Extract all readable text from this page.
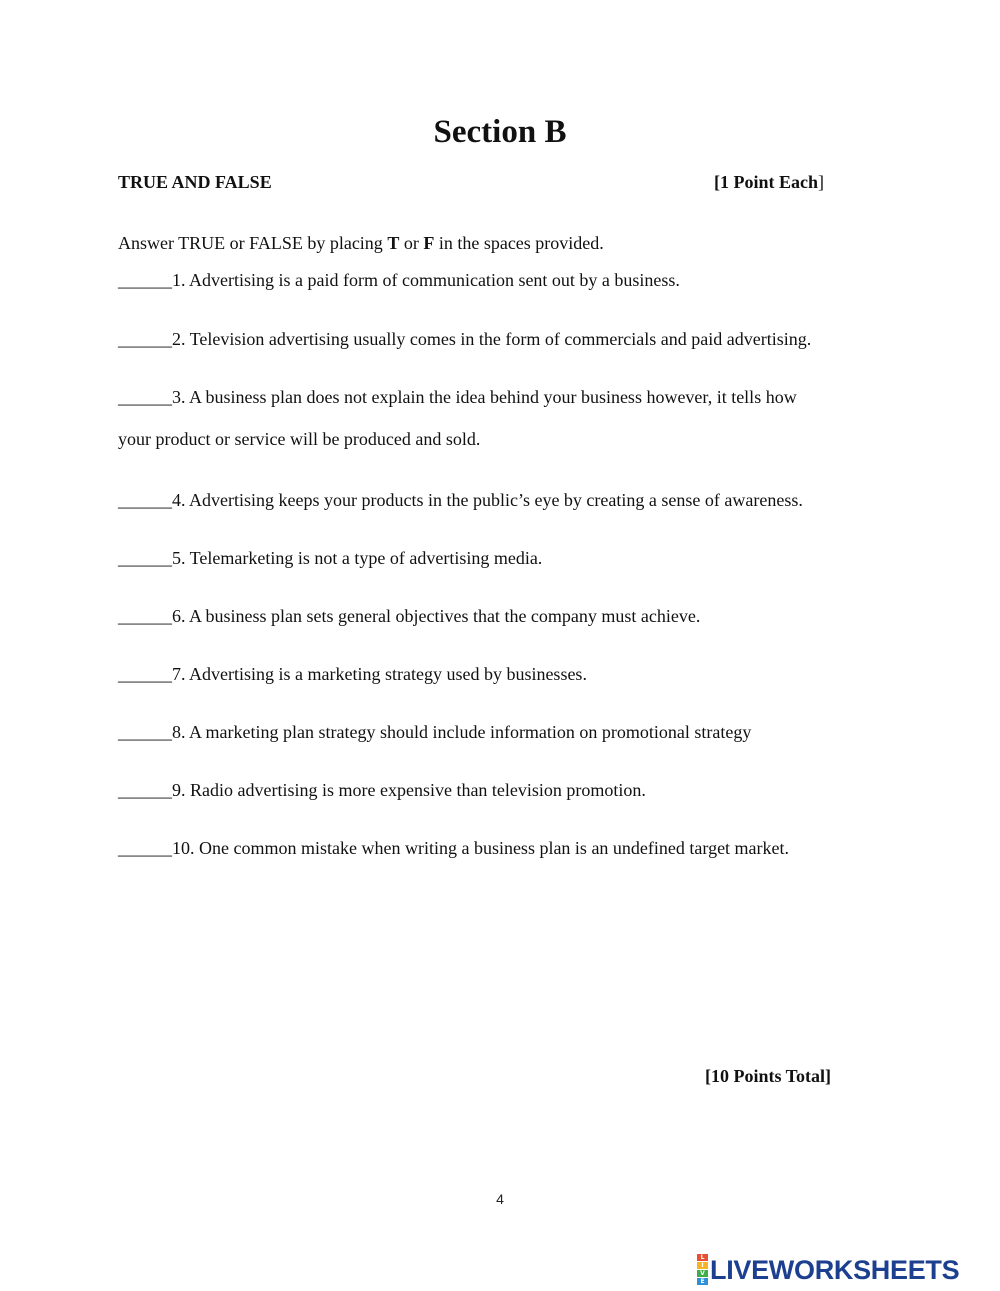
Section B
TRUE AND FALSE	[1 Point Each]
Answer TRUE or FALSE by placing T or F in the spaces provided.
______1. Advertising is a paid form of communication sent out by a business.
______2. Television advertising usually comes in the form of commercials and paid advertising.
______3. A business plan does not explain the idea behind your business however, it tells how
your product or service will be produced and sold.
______4. Advertising keeps your products in the public’s eye by creating a sense of awareness.
______5. Telemarketing is not a type of advertising media.
______6. A business plan sets general objectives that the company must achieve.
______7. Advertising is a marketing strategy used by businesses.
______8. A marketing plan strategy should include information on promotional strategy
______9. Radio advertising is more expensive than television promotion.
______10. One common mistake when writing a business plan is an undefined target market.
[10 Points Total]
4
L
I
V
E LIVEWORKSHEETS
